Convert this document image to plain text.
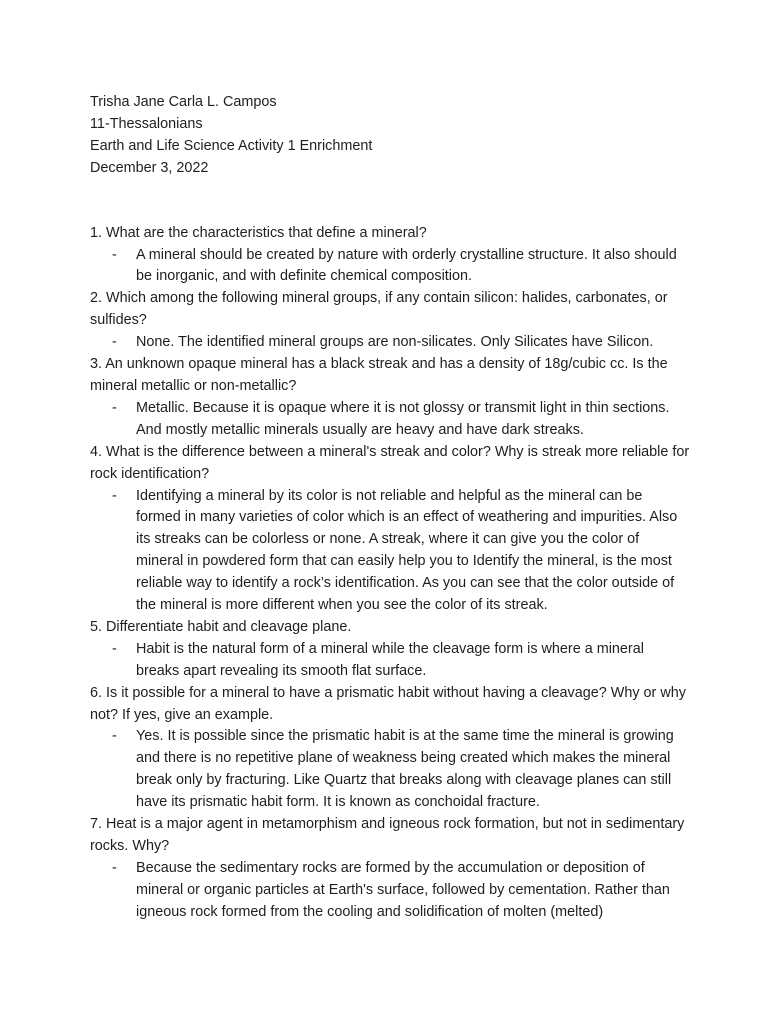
Trisha Jane Carla L. Campos
11-Thessalonians
Earth and Life Science Activity 1 Enrichment
December 3, 2022
1. What are the characteristics that define a mineral?
- A mineral should be created by nature with orderly crystalline structure. It also should be inorganic, and with definite chemical composition.
2. Which among the following mineral groups, if any contain silicon: halides, carbonates, or sulfides?
- None. The identified mineral groups are non-silicates. Only Silicates have Silicon.
3. An unknown opaque mineral has a black streak and has a density of 18g/cubic cc. Is the mineral metallic or non-metallic?
- Metallic. Because it is opaque where it is not glossy or transmit light in thin sections. And mostly metallic minerals usually are heavy and have dark streaks.
4. What is the difference between a mineral's streak and color? Why is streak more reliable for rock identification?
- Identifying a mineral by its color is not reliable and helpful as the mineral can be formed in many varieties of color which is an effect of weathering and impurities. Also its streaks can be colorless or none. A streak, where it can give you the color of mineral in powdered form that can easily help you to Identify the mineral, is the most reliable way to identify a rock’s identification. As you can see that the color outside of the mineral is more different when you see the color of its streak.
5. Differentiate habit and cleavage plane.
- Habit is the natural form of a mineral while the cleavage form is where a mineral breaks apart revealing its smooth flat surface.
6. Is it possible for a mineral to have a prismatic habit without having a cleavage? Why or why not? If yes, give an example.
- Yes. It is possible since the prismatic habit is at the same time the mineral is growing and there is no repetitive plane of weakness being created which makes the mineral break only by fracturing. Like Quartz that breaks along with cleavage planes can still have its prismatic habit form. It is known as conchoidal fracture.
7. Heat is a major agent in metamorphism and igneous rock formation, but not in sedimentary rocks. Why?
- Because the sedimentary rocks are formed by the accumulation or deposition of mineral or organic particles at Earth's surface, followed by cementation. Rather than igneous rock formed from the cooling and solidification of molten (melted)
